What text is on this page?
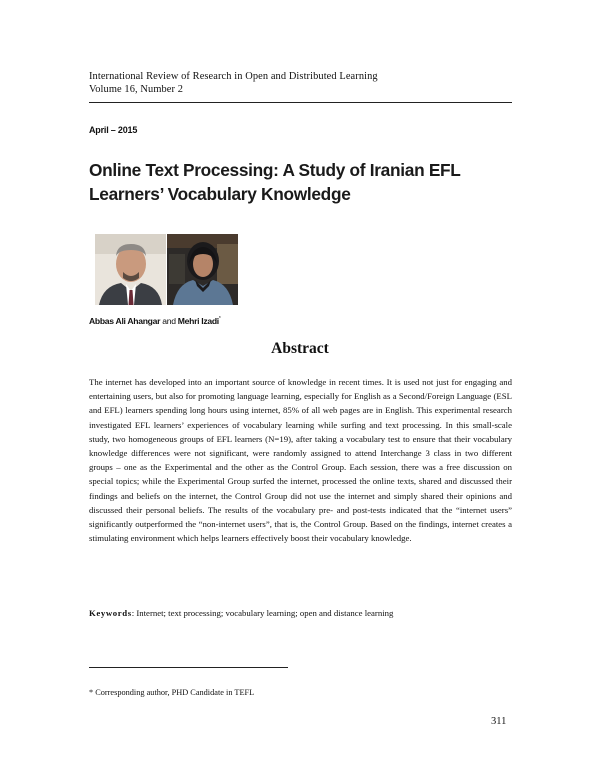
International Review of Research in Open and Distributed Learning
Volume 16, Number 2
April – 2015
Online Text Processing: A Study of Iranian EFL Learners’ Vocabulary Knowledge
Abbas Ali Ahangar and Mehri Izadi*
Abstract
The internet has developed into an important source of knowledge in recent times. It is used not just for engaging and entertaining users, but also for promoting language learning, especially for English as a Second/Foreign Language (ESL and EFL) learners spending long hours using internet, 85% of all web pages are in English. This experimental research investigated EFL learners’ experiences of vocabulary learning while surfing and text processing. In this small-scale study, two homogeneous groups of EFL learners (N=19), after taking a vocabulary test to ensure that their vocabulary knowledge differences were not significant, were randomly assigned to attend Interchange 3 class in two different groups – one as the Experimental and the other as the Control Group. Each session, there was a free discussion on special topics; while the Experimental Group surfed the internet, processed the online texts, shared and discussed their findings and beliefs on the internet, the Control Group did not use the internet and simply shared their opinions and discussed their personal beliefs. The results of the vocabulary pre- and post-tests indicated that the “internet users” significantly outperformed the “non-internet users”, that is, the Control Group. Based on the findings, internet creates a stimulating environment which helps learners effectively boost their vocabulary knowledge.
Keywords: Internet; text processing; vocabulary learning; open and distance learning
* Corresponding author, PHD Candidate in TEFL
311
